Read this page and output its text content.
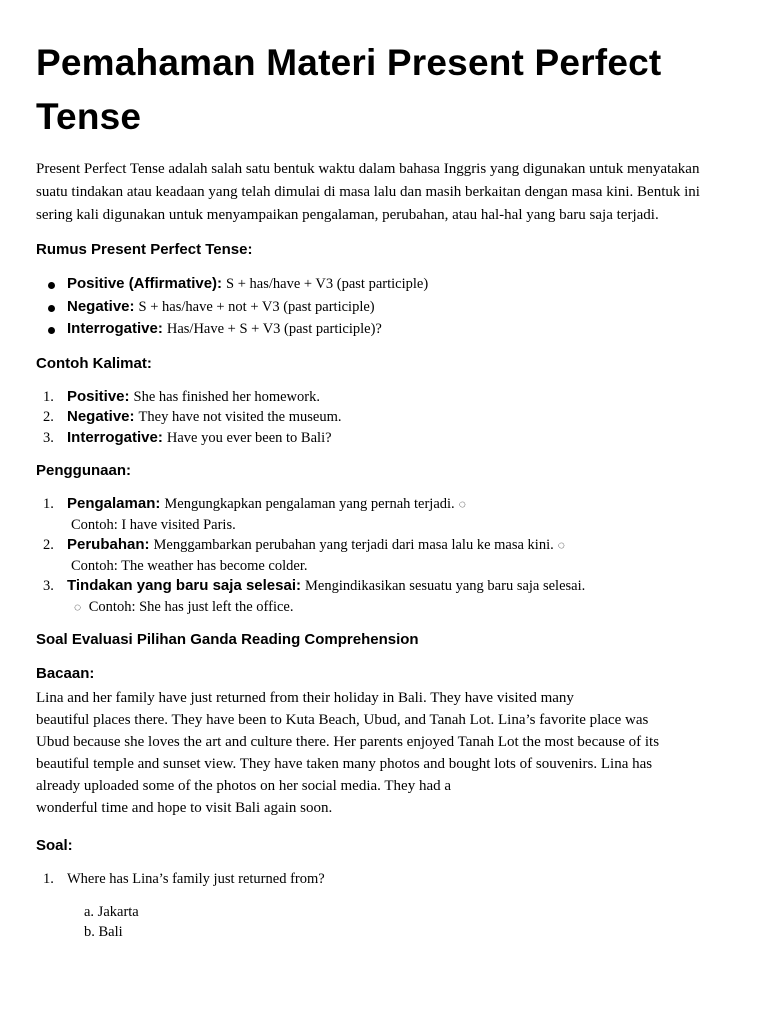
Pemahaman Materi Present Perfect Tense

Present Perfect Tense adalah salah satu bentuk waktu dalam bahasa Inggris yang digunakan untuk menyatakan suatu tindakan atau keadaan yang telah dimulai di masa lalu dan masih berkaitan dengan masa kini. Bentuk ini sering kali digunakan untuk menyampaikan pengalaman, perubahan, atau hal-hal yang baru saja terjadi.

Rumus Present Perfect Tense:
Positive (Affirmative): S + has/have + V3 (past participle)
Negative: S + has/have + not + V3 (past participle)
Interrogative: Has/Have + S + V3 (past participle)?
Contoh Kalimat:
1. Positive: She has finished her homework.
2. Negative: They have not visited the museum.
3. Interrogative: Have you ever been to Bali?
Penggunaan:
1. Pengalaman: Mengungkapkan pengalaman yang pernah terjadi. ◌
Contoh: I have visited Paris.
2. Perubahan: Menggambarkan perubahan yang terjadi dari masa lalu ke masa kini. ◌
Contoh: The weather has become colder.
3. Tindakan yang baru saja selesai: Mengindikasikan sesuatu yang baru saja selesai.
◌ Contoh: She has just left the office.
Soal Evaluasi Pilihan Ganda Reading Comprehension
Bacaan:

Lina and her family have just returned from their holiday in Bali. They have visited many

beautiful places there. They have been to Kuta Beach, Ubud, and Tanah Lot. Lina’s favorite place was

Ubud because she loves the art and culture there. Her parents enjoyed Tanah Lot the most because of its

beautiful temple and sunset view. They have taken many photos and bought lots of souvenirs. Lina has

already uploaded some of the photos on her social media. They had a

wonderful time and hope to visit Bali again soon.

Soal:
1. Where has Lina’s family just returned from?
a. Jakarta
b. Bali
